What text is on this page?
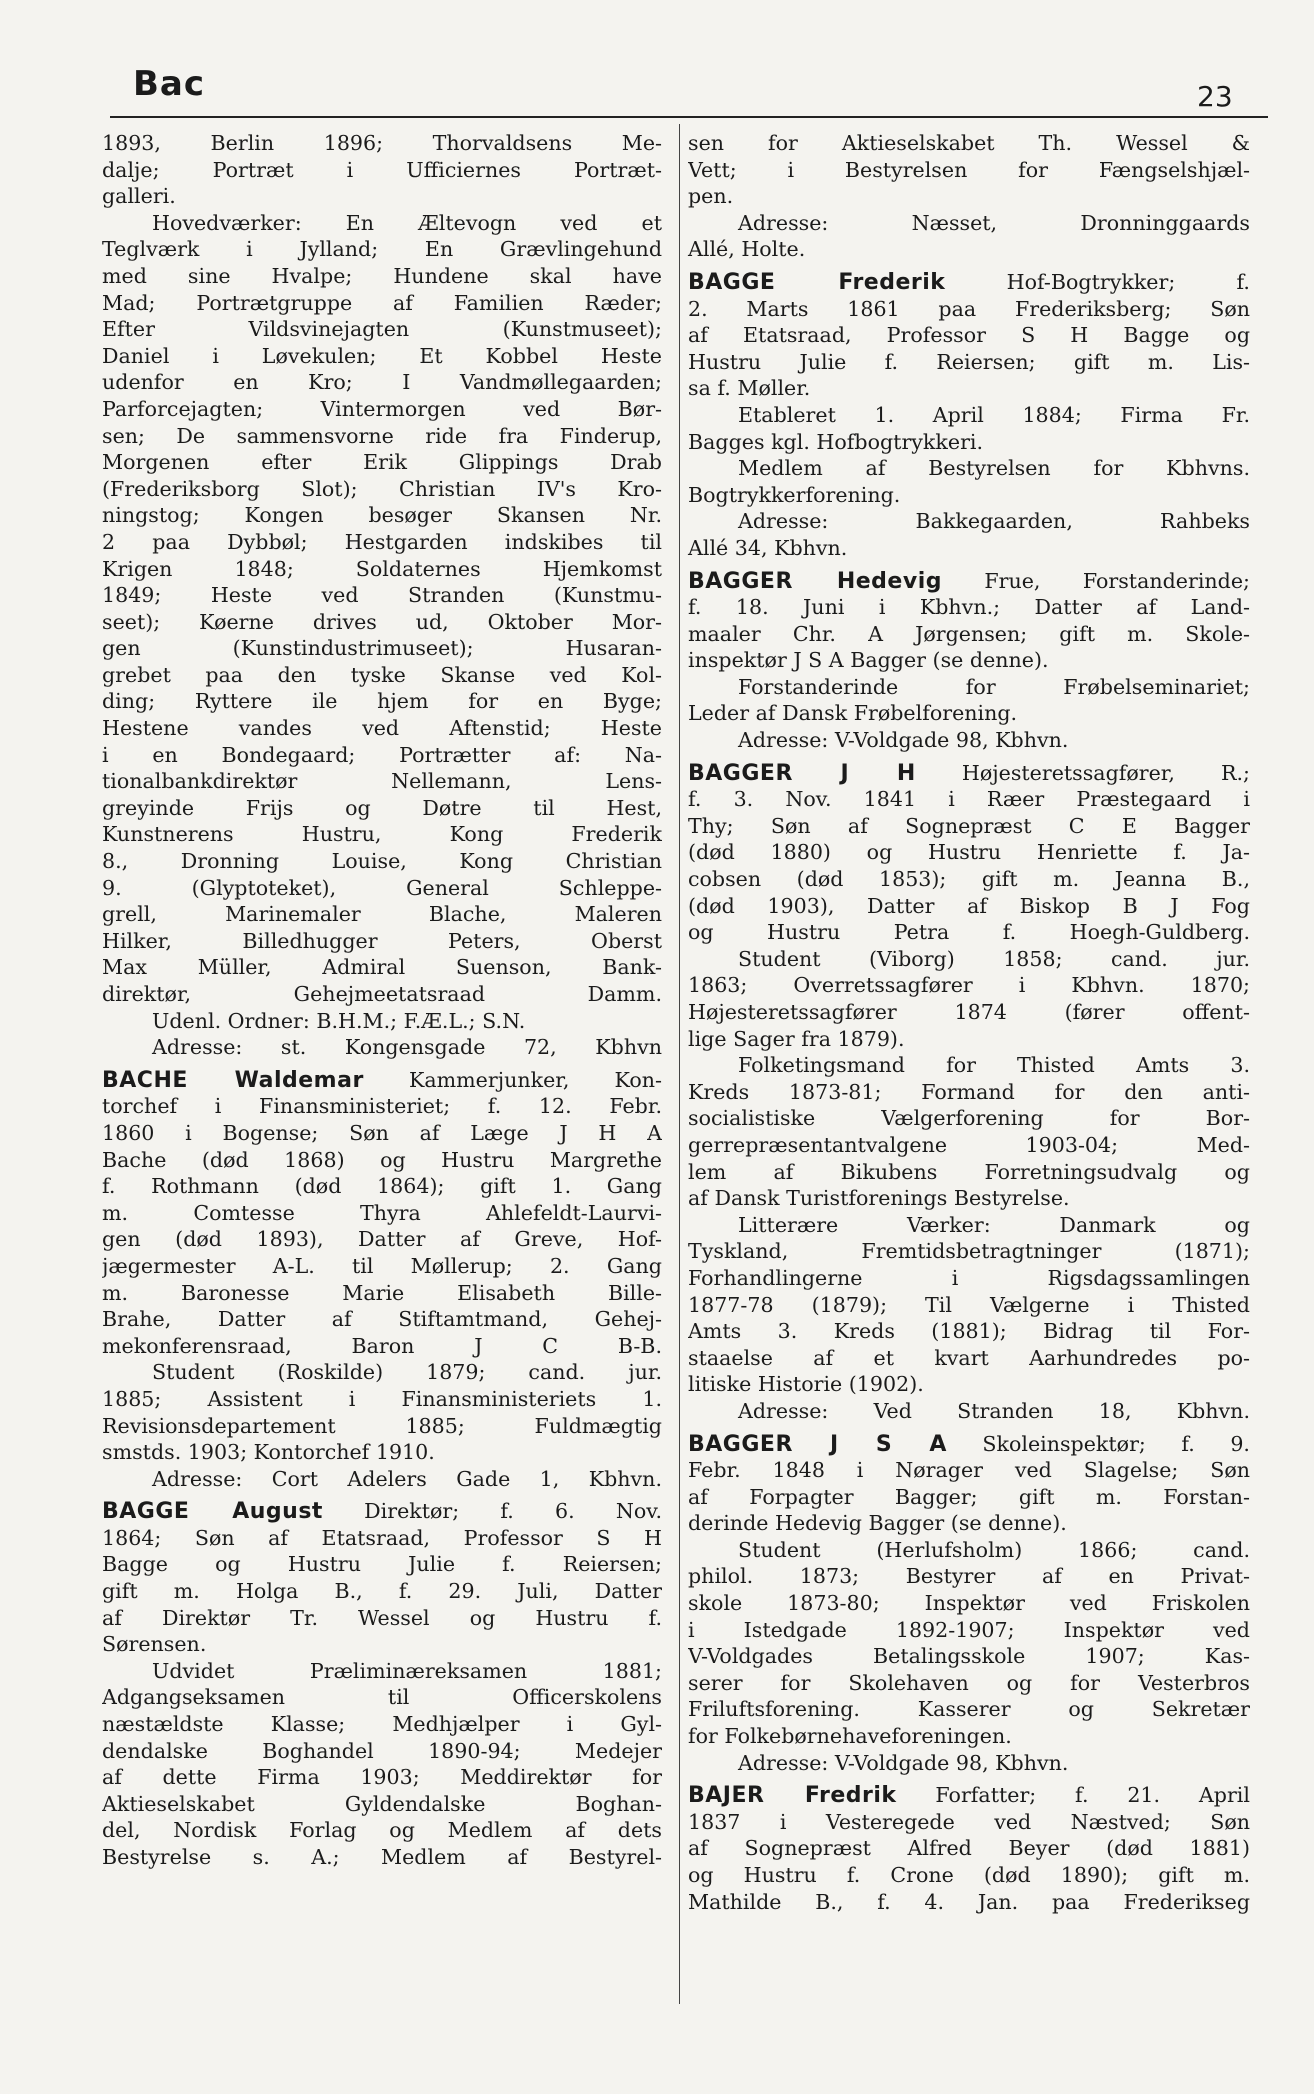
Bac	23
1893, Berlin 1896; Thorvaldsens Me-
dalje; Portræt i Ufficiernes Portræt-
galleri.
Hovedværker: En Æltevogn ved et
Teglværk i Jylland; En Grævlingehund
med sine Hvalpe; Hundene skal have
Mad; Portrætgruppe af Familien Ræder;
Efter Vildsvinejagten (Kunstmuseet);
Daniel i Løvekulen; Et Kobbel Heste
udenfor en Kro; I Vandmøllegaarden;
Parforcejagten; Vintermorgen ved Bør-
sen; De sammensvorne ride fra Finderup,
Morgenen efter Erik Glippings Drab
(Frederiksborg Slot); Christian IV's Kro-
ningstog; Kongen besøger Skansen Nr.
2 paa Dybbøl; Hestgarden indskibes til
Krigen 1848; Soldaternes Hjemkomst
1849; Heste ved Stranden (Kunstmu-
seet); Køerne drives ud, Oktober Mor-
gen (Kunstindustrimuseet); Husaran-
grebet paa den tyske Skanse ved Kol-
ding; Ryttere ile hjem for en Byge;
Hestene vandes ved Aftenstid; Heste
i en Bondegaard; Portrætter af: Na-
tionalbankdirektør Nellemann, Lens-
greyinde Frijs og Døtre til Hest,
Kunstnerens Hustru, Kong Frederik
8., Dronning Louise, Kong Christian
9. (Glyptoteket), General Schleppe-
grell, Marinemaler Blache, Maleren
Hilker, Billedhugger Peters, Oberst
Max Müller, Admiral Suenson, Bank-
direktør, Gehejmeetatsraad Damm.
Udenl. Ordner: B.H.M.; F.Æ.L.; S.N.
Adresse: st. Kongensgade 72, Kbhvn
BACHE Waldemar Kammerjunker, Kon-
torchef i Finansministeriet; f. 12. Febr.
1860 i Bogense; Søn af Læge J H A
Bache (død 1868) og Hustru Margrethe
f. Rothmann (død 1864); gift 1. Gang
m. Comtesse Thyra Ahlefeldt-Laurvi-
gen (død 1893), Datter af Greve, Hof-
jægermester A-L. til Møllerup; 2. Gang
m. Baronesse Marie Elisabeth Bille-
Brahe, Datter af Stiftamtmand, Gehej-
mekonferensraad, Baron J C B-B.
Student (Roskilde) 1879; cand. jur.
1885; Assistent i Finansministeriets 1.
Revisionsdepartement 1885; Fuldmægtig
smstds. 1903; Kontorchef 1910.
Adresse: Cort Adelers Gade 1, Kbhvn.
BAGGE August Direktør; f. 6. Nov.
1864; Søn af Etatsraad, Professor S H
Bagge og Hustru Julie f. Reiersen;
gift m. Holga B., f. 29. Juli, Datter
af Direktør Tr. Wessel og Hustru f.
Sørensen.
Udvidet Præliminæreksamen 1881;
Adgangseksamen til Officerskolens
næstældste Klasse; Medhjælper i Gyl-
dendalske Boghandel 1890-94; Medejer
af dette Firma 1903; Meddirektør for
Aktieselskabet Gyldendalske Boghan-
del, Nordisk Forlag og Medlem af dets
Bestyrelse s. A.; Medlem af Bestyrel-
sen for Aktieselskabet Th. Wessel &
Vett; i Bestyrelsen for Fængselshjæl-
pen.
Adresse: Næsset, Dronninggaards
Allé, Holte.
BAGGE Frederik Hof-Bogtrykker; f.
2. Marts 1861 paa Frederiksberg; Søn
af Etatsraad, Professor S H Bagge og
Hustru Julie f. Reiersen; gift m. Lis-
sa f. Møller.
Etableret 1. April 1884; Firma Fr.
Bagges kgl. Hofbogtrykkeri.
Medlem af Bestyrelsen for Kbhvns.
Bogtrykkerforening.
Adresse: Bakkegaarden, Rahbeks
Allé 34, Kbhvn.
BAGGER Hedevig Frue, Forstanderinde;
f. 18. Juni i Kbhvn.; Datter af Land-
maaler Chr. A Jørgensen; gift m. Skole-
inspektør J S A Bagger (se denne).
Forstanderinde for Frøbelseminariet;
Leder af Dansk Frøbelforening.
Adresse: V-Voldgade 98, Kbhvn.
BAGGER J H Højesteretssagfører, R.;
f. 3. Nov. 1841 i Ræer Præstegaard i
Thy; Søn af Sognepræst C E Bagger
(død 1880) og Hustru Henriette f. Ja-
cobsen (død 1853); gift m. Jeanna B.,
(død 1903), Datter af Biskop B J Fog
og Hustru Petra f. Hoegh-Guldberg.
Student (Viborg) 1858; cand. jur.
1863; Overretssagfører i Kbhvn. 1870;
Højesteretssagfører 1874 (fører offent-
lige Sager fra 1879).
Folketingsmand for Thisted Amts 3.
Kreds 1873-81; Formand for den anti-
socialistiske Vælgerforening for Bor-
gerrepræsentantvalgene 1903-04; Med-
lem af Bikubens Forretningsudvalg og
af Dansk Turistforenings Bestyrelse.
Litterære Værker: Danmark og
Tyskland, Fremtidsbetragtninger (1871);
Forhandlingerne i Rigsdagssamlingen
1877-78 (1879); Til Vælgerne i Thisted
Amts 3. Kreds (1881); Bidrag til For-
staaelse af et kvart Aarhundredes po-
litiske Historie (1902).
Adresse: Ved Stranden 18, Kbhvn.
BAGGER J S A Skoleinspektør; f. 9.
Febr. 1848 i Nørager ved Slagelse; Søn
af Forpagter Bagger; gift m. Forstan-
derinde Hedevig Bagger (se denne).
Student (Herlufsholm) 1866; cand.
philol. 1873; Bestyrer af en Privat-
skole 1873-80; Inspektør ved Friskolen
i Istedgade 1892-1907; Inspektør ved
V-Voldgades Betalingsskole 1907; Kas-
serer for Skolehaven og for Vesterbros
Friluftsforening. Kasserer og Sekretær
for Folkebørnehaveforeningen.
Adresse: V-Voldgade 98, Kbhvn.
BAJER Fredrik Forfatter; f. 21. April
1837 i Vesteregede ved Næstved; Søn
af Sognepræst Alfred Beyer (død 1881)
og Hustru f. Crone (død 1890); gift m.
Mathilde B., f. 4. Jan. paa Frederikseg
